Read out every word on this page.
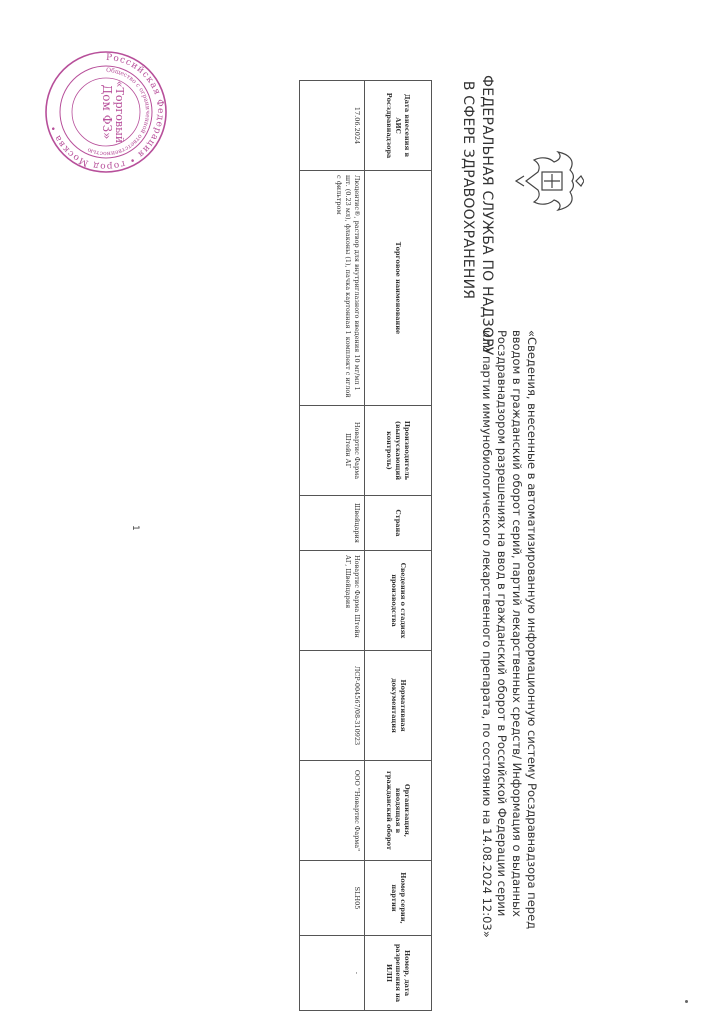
ФЕДЕРАЛЬНАЯ СЛУЖБА ПО НАДЗОРУ
В СФЕРЕ ЗДРАВООХРАНЕНИЯ
«Сведения, внесенные в автоматизированную информационную систему Росздравнадзора перед вводом в гражданский оборот серий, партий лекарственных средств/ Информация о выданных Росздравнадзором разрешениях на ввод в гражданский оборот в Российской Федерации серии или партии иммунобиологического лекарственного препарата, по состоянию на 14.08.2024 12:03»
Дата внесения в АИС Росздравнадзора	Торговое наименование	Производитель (выпускающий контроль)	Страна	Сведения о стадиях производства	Нормативная документация	Организация, вводящая в гражданский оборот	Номер серии, партии	Номер, дата разрешения на ИЛП
17.06.2024	Люцентис®, раствор для внутриглазного введения 10 мг/мл 1 шт. (0.23 мл), флаконы (1), пачка картонная 1 комплект с иглой с фильтром	Новартис Фарма Штейн АГ	Швейцария	Новартис Фарма Штейн АГ, Швейцария	ЛСР-004567/08-310923	ООО "Новартис Фарма"	SLH05	-
1
Российская Федерация • город Москва •
Общество с ограниченной ответственностью
«Торговый
Дом ФЗ»
